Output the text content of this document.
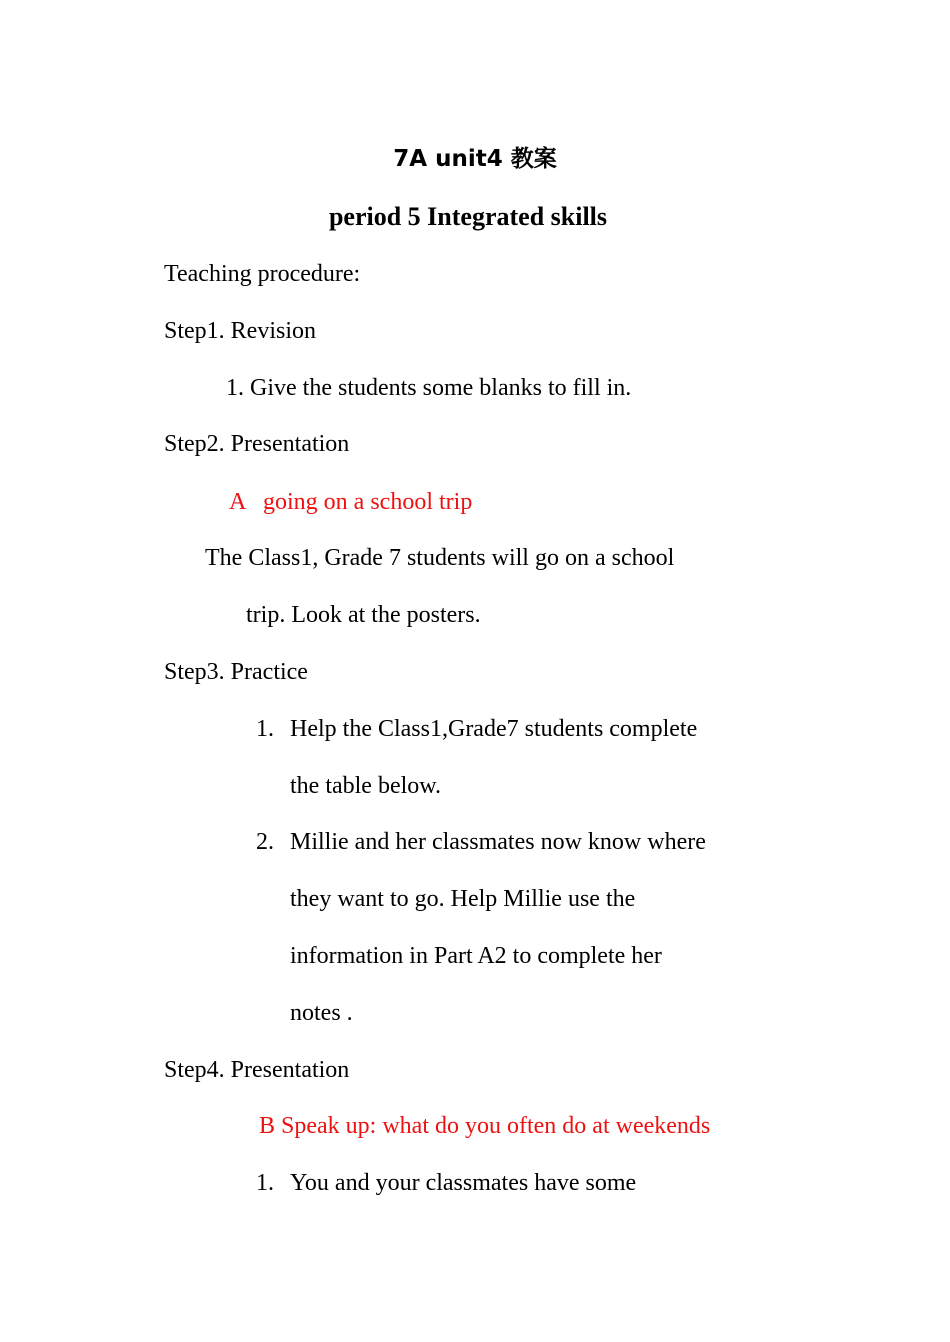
7A unit4 教案
period 5 Integrated skills
Teaching procedure:
Step1. Revision
1. Give the students some blanks to fill in.
Step2. Presentation
A   going on a school trip
The Class1, Grade 7 students will go on a school
trip. Look at the posters.
Step3. Practice
1. Help the Class1,Grade7 students complete
the table below.
2. Millie and her classmates now know where
they want to go. Help Millie use the
information in Part A2 to complete her
notes .
Step4. Presentation
B Speak up: what do you often do at weekends
1. You and your classmates have some
